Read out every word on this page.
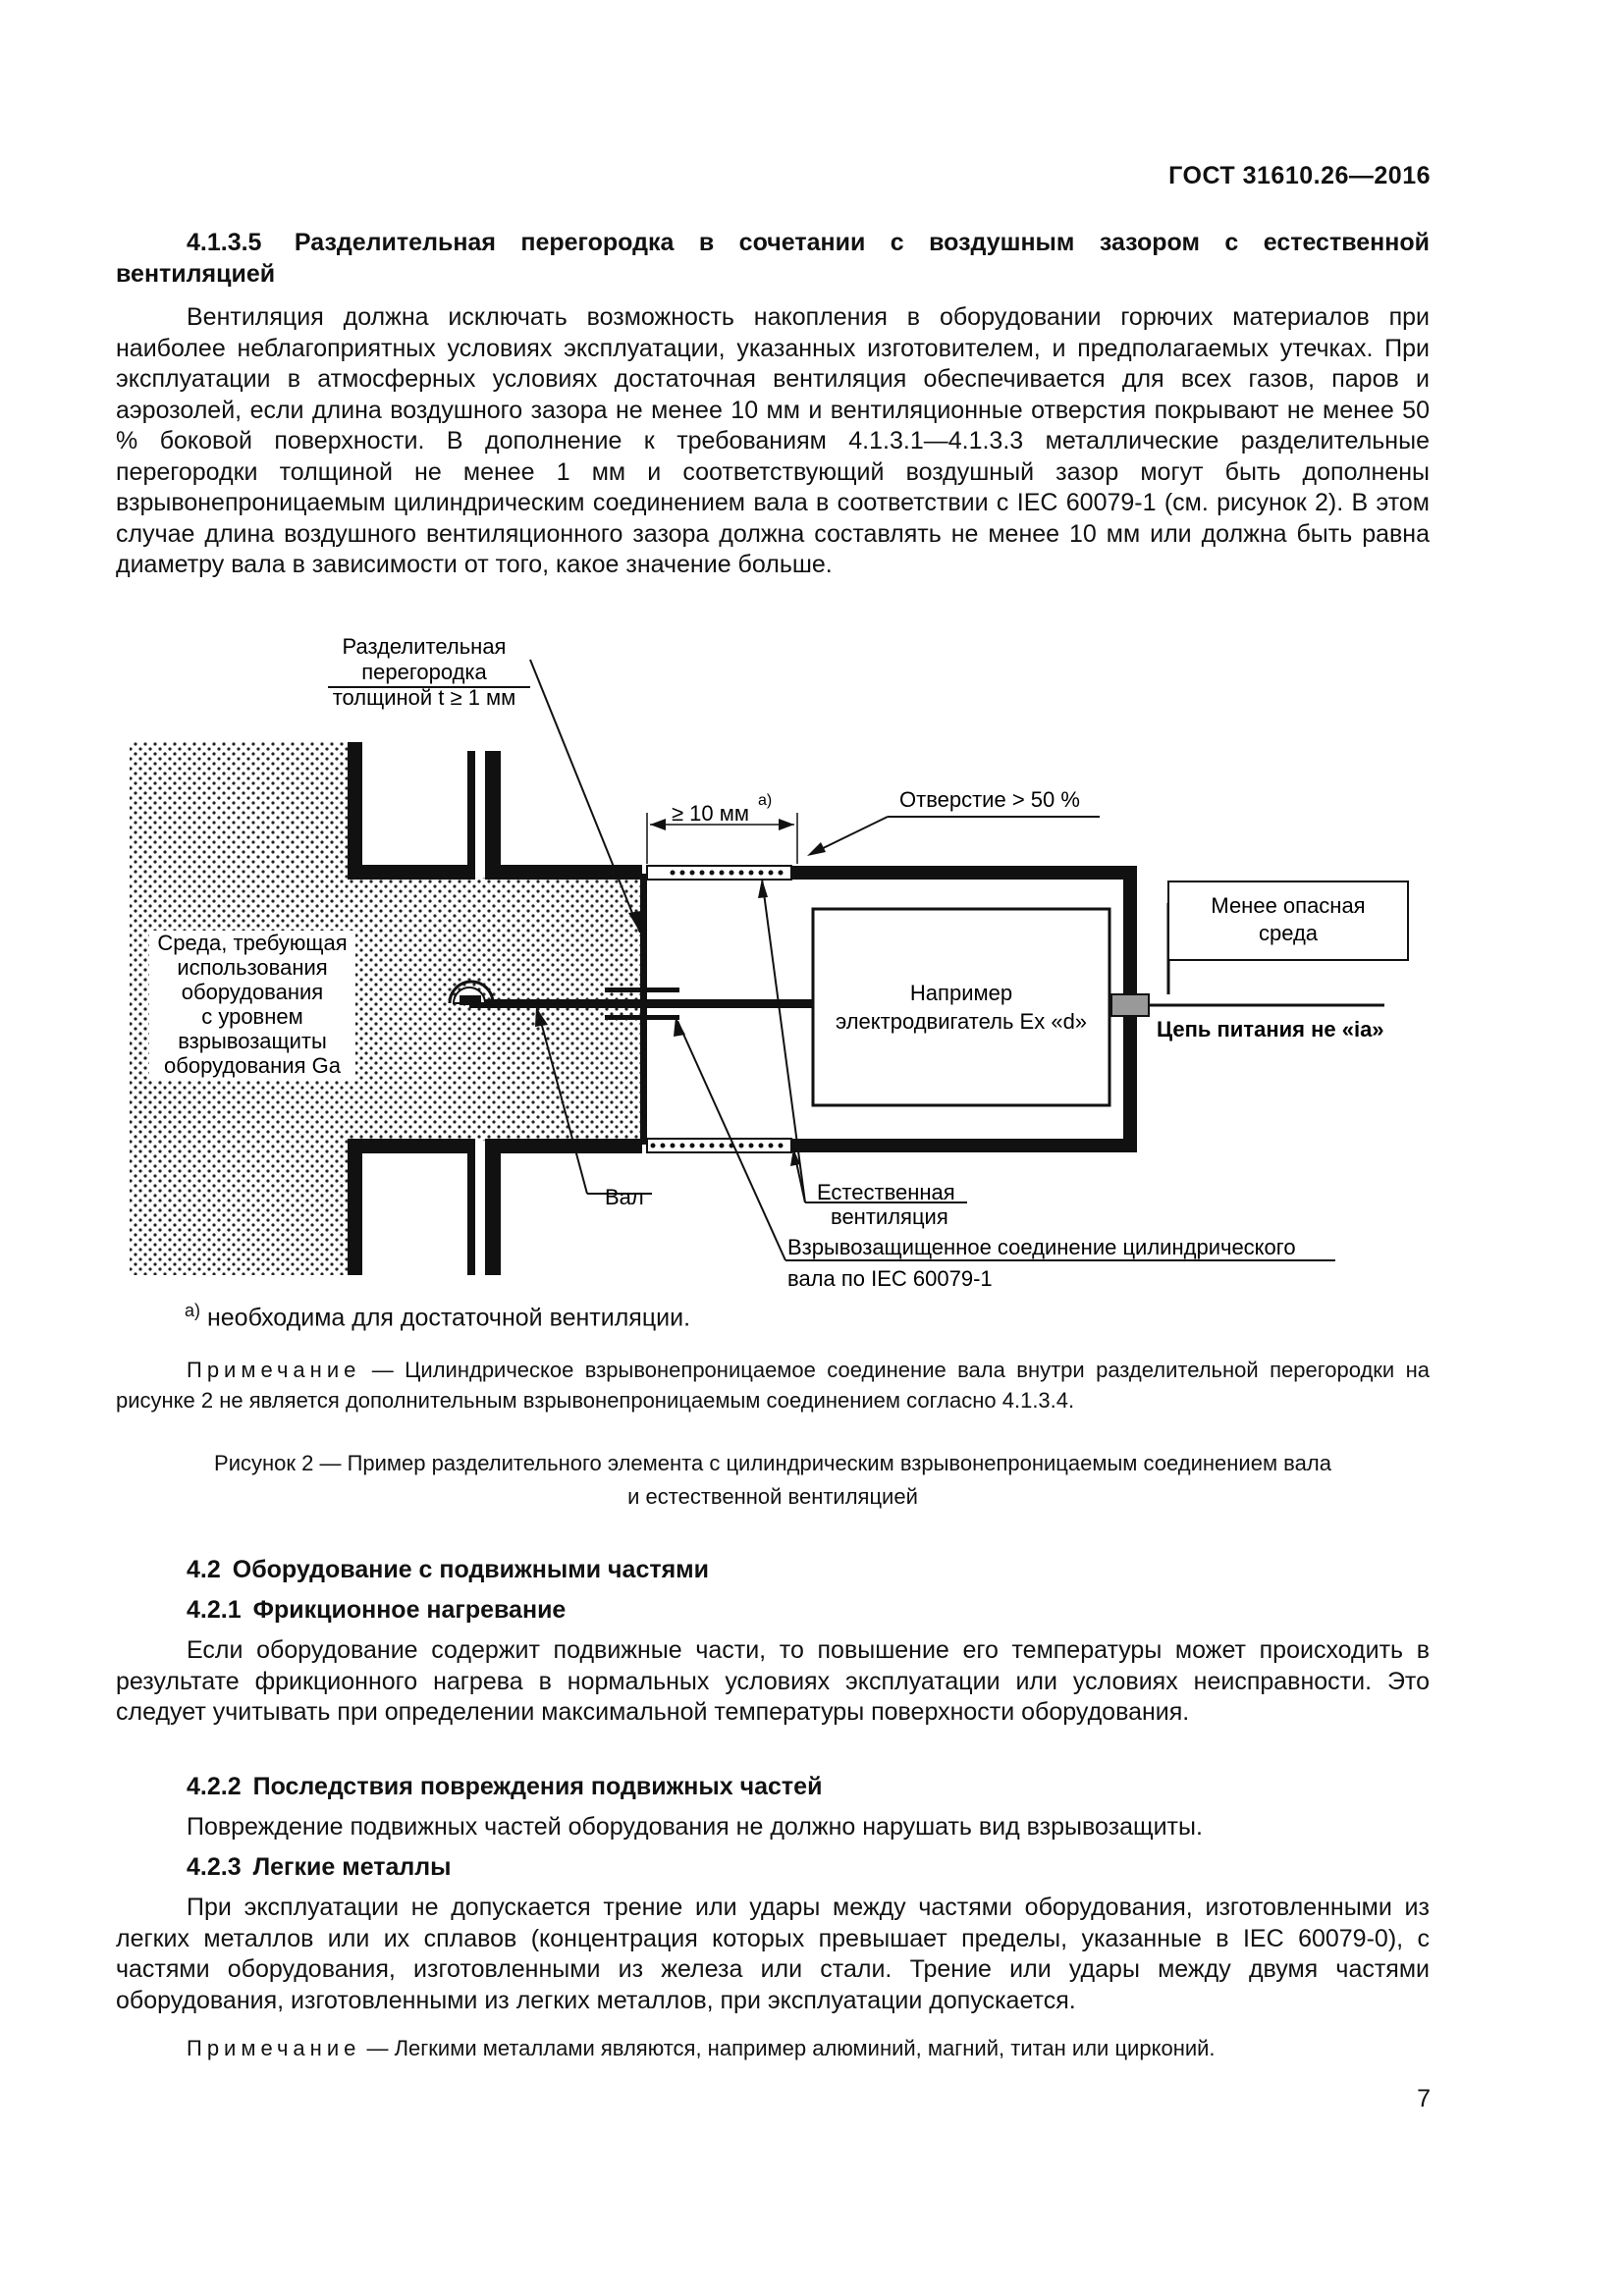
ГОСТ 31610.26—2016
4.1.3.5 Разделительная перегородка в сочетании с воздушным зазором с естественной вентиляцией
Вентиляция должна исключать возможность накопления в оборудовании горючих материалов при наиболее неблагоприятных условиях эксплуатации, указанных изготовителем, и предполагаемых утечках. При эксплуатации в атмосферных условиях достаточная вентиляция обеспечивается для всех газов, паров и аэрозолей, если длина воздушного зазора не менее 10 мм и вентиляционные отверстия покрывают не менее 50 % боковой поверхности. В дополнение к требованиям 4.1.3.1—4.1.3.3 металлические разделительные перегородки толщиной не менее 1 мм и соответствующий воздушный зазор могут быть дополнены взрывонепроницаемым цилиндрическим соединением вала в соответствии с IEC 60079-1 (см. рисунок 2). В этом случае длина воздушного вентиляционного зазора должна составлять не менее 10 мм или должна быть равна диаметру вала в зависимости от того, какое значение больше.
Например
электродвигатель Ex «d»	Цепь питания не «ia»
Менее опасная
среда
Среда, требующая
использования
оборудования
с уровнем
взрывозащиты
оборудования Ga
Разделительная
перегородка
толщиной t ≥ 1 мм
≥ 10 мм
a)	Отверстие > 50 %
Вал	Естественная
вентиляция
Взрывозащищенное соединение цилиндрического
вала по IEC 60079-1
$^{a)}$ необходима для достаточной вентиляции.
Примечание — Цилиндрическое взрывонепроницаемое соединение вала внутри разделительной перегородки на рисунке 2 не является дополнительным взрывонепроницаемым соединением согласно 4.1.3.4.
Рисунок 2 — Пример разделительного элемента с цилиндрическим взрывонепроницаемым соединением вала
и естественной вентиляцией
4.2 Оборудование с подвижными частями
4.2.1 Фрикционное нагревание
Если оборудование содержит подвижные части, то повышение его температуры может происходить в результате фрикционного нагрева в нормальных условиях эксплуатации или условиях неисправности. Это следует учитывать при определении максимальной температуры поверхности оборудования.
4.2.2 Последствия повреждения подвижных частей
Повреждение подвижных частей оборудования не должно нарушать вид взрывозащиты.
4.2.3 Легкие металлы
При эксплуатации не допускается трение или удары между частями оборудования, изготовленными из легких металлов или их сплавов (концентрация которых превышает пределы, указанные в IEC 60079-0), с частями оборудования, изготовленными из железа или стали. Трение или удары между двумя частями оборудования, изготовленными из легких металлов, при эксплуатации допускается.
Примечание — Легкими металлами являются, например алюминий, магний, титан или цирконий.
7
